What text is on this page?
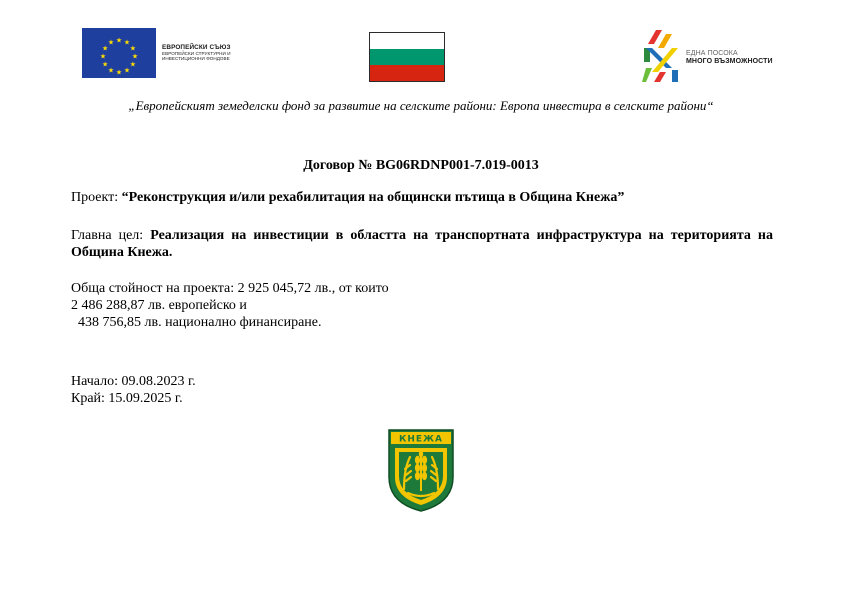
★ ★
★
★
★
★
★
★
★
★
★
★
ЕВРОПЕЙСКИ СЪЮЗ
ЕВРОПЕЙСКИ СТРУКТУРНИ И
ИНВЕСТИЦИОННИ ФОНДОВЕ
ЕДНА ПОСОКА
МНОГО ВЪЗМОЖНОСТИ
„Европейският земеделски фонд за развитие на селските райони: Европа инвестира в селските райони“
Договор № BG06RDNP001-7.019-0013
Проект: “Реконструкция и/или рехабилитация на общински пътища в Община Кнежа”
Главна цел: Реализация на инвестиции в областта на транспортната инфраструктура на територията на Община Кнежа.
Обща стойност на проекта: 2 925 045,72 лв., от които
2 486 288,87 лв. европейско и
438 756,85 лв. национално финансиране.
Начало: 09.08.2023 г.
Край: 15.09.2025 г.
КНЕЖА
